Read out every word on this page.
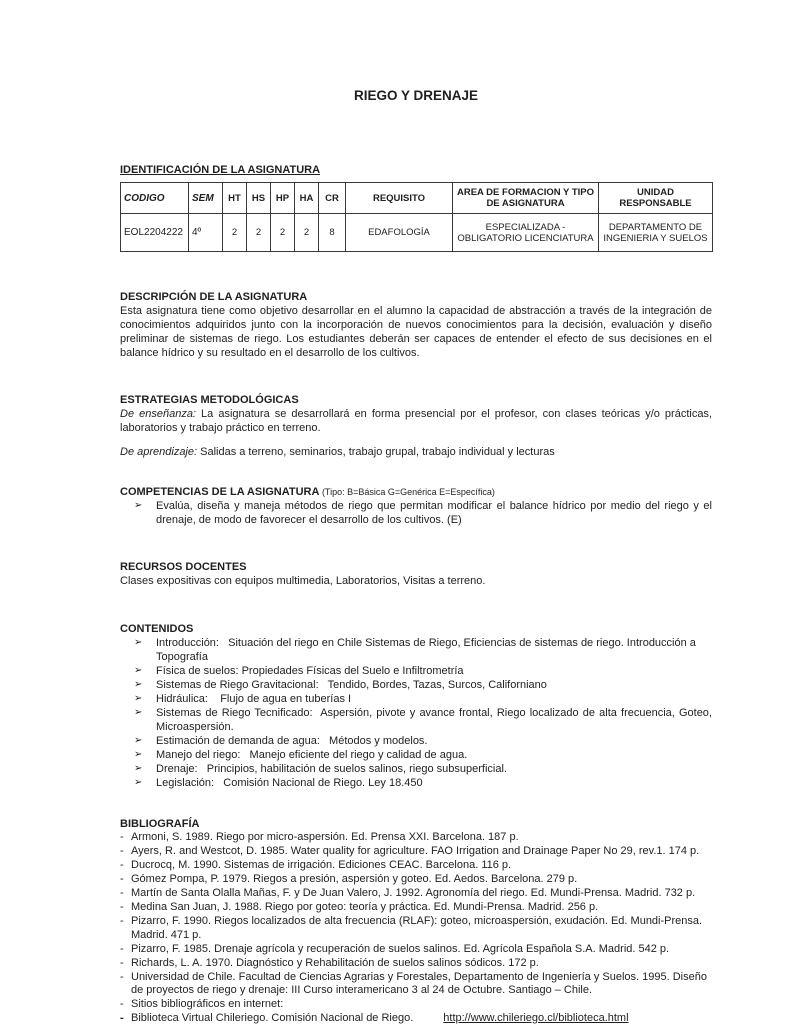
RIEGO Y DRENAJE
IDENTIFICACIÓN DE LA ASIGNATURA
CODIGO	SEM	HT	HS	HP	HA	CR	REQUISITO	AREA DE FORMACION Y TIPO DE ASIGNATURA	UNIDAD RESPONSABLE
EOL2204222	4º	2	2	2	2	8	EDAFOLOGÍA	ESPECIALIZADA - OBLIGATORIO LICENCIATURA	DEPARTAMENTO DE INGENIERIA Y SUELOS
DESCRIPCIÓN DE LA ASIGNATURA
Esta asignatura tiene como objetivo desarrollar en el alumno la capacidad de abstracción a través de la integración de conocimientos adquiridos junto con la incorporación de nuevos conocimientos para la decisión, evaluación y diseño preliminar de sistemas de riego. Los estudiantes deberán ser capaces de entender el efecto de sus decisiones en el balance hídrico y su resultado en el desarrollo de los cultivos.
ESTRATEGIAS METODOLÓGICAS
De enseñanza: La asignatura se desarrollará en forma presencial por el profesor, con clases teóricas y/o prácticas, laboratorios y trabajo práctico en terreno.
De aprendizaje: Salidas a terreno, seminarios, trabajo grupal, trabajo individual y lecturas
COMPETENCIAS DE LA ASIGNATURA (Tipo: B=Básica G=Genérica E=Específica)
➢	Evalúa, diseña y maneja métodos de riego que permitan modificar el balance hídrico por medio del riego y el drenaje, de modo de favorecer el desarrollo de los cultivos. (E)
RECURSOS DOCENTES
Clases expositivas con equipos multimedia, Laboratorios, Visitas a terreno.
CONTENIDOS
➢	Introducción:   Situación del riego en Chile Sistemas de Riego, Eficiencias de sistemas de riego. Introducción a Topografía
➢	Física de suelos: Propiedades Físicas del Suelo e Infiltrometría
➢	Sistemas de Riego Gravitacional:   Tendido, Bordes, Tazas, Surcos, Californiano
➢	Hidráulica:    Flujo de agua en tuberías I
➢	Sistemas de Riego Tecnificado:  Aspersión, pivote y avance frontal, Riego localizado de alta frecuencia, Goteo, Microaspersión.
➢	Estimación de demanda de agua:   Métodos y modelos.
➢	Manejo del riego:   Manejo eficiente del riego y calidad de agua.
➢	Drenaje:   Principios, habilitación de suelos salinos, riego subsuperficial.
➢	Legislación:   Comisión Nacional de Riego. Ley 18.450
BIBLIOGRAFÍA
- Armoni, S. 1989. Riego por micro-aspersión. Ed. Prensa XXI. Barcelona. 187 p.
- Ayers, R. and Westcot, D. 1985. Water quality for agriculture. FAO Irrigation and Drainage Paper No 29, rev.1. 174 p.
- Ducrocq, M. 1990. Sistemas de irrigación. Ediciones CEAC. Barcelona. 116 p.
- Gómez Pompa, P. 1979. Riegos a presión, aspersión y goteo. Ed. Aedos. Barcelona. 279 p.
- Martín de Santa Olalla Mañas, F. y De Juan Valero, J. 1992. Agronomía del riego. Ed. Mundi-Prensa. Madrid. 732 p.
- Medina San Juan, J. 1988. Riego por goteo: teoría y práctica. Ed. Mundi-Prensa. Madrid. 256 p.
- Pizarro, F. 1990. Riegos localizados de alta frecuencia (RLAF): goteo, microaspersión, exudación. Ed. Mundi-Prensa. Madrid. 471 p.
- Pizarro, F. 1985. Drenaje agrícola y recuperación de suelos salinos. Ed. Agrícola Española S.A. Madrid. 542 p.
- Richards, L. A. 1970. Diagnóstico y Rehabilitación de suelos salinos sódicos. 172 p.
- Universidad de Chile. Facultad de Ciencias Agrarias y Forestales, Departamento de Ingeniería y Suelos. 1995. Diseño de proyectos de riego y drenaje: III Curso interamericano 3 al 24 de Octubre. Santiago – Chile.
- Sitios bibliográficos en internet:
- Biblioteca Virtual Chileriego. Comisión Nacional de Riego.	http://www.chileriego.cl/biblioteca.html
